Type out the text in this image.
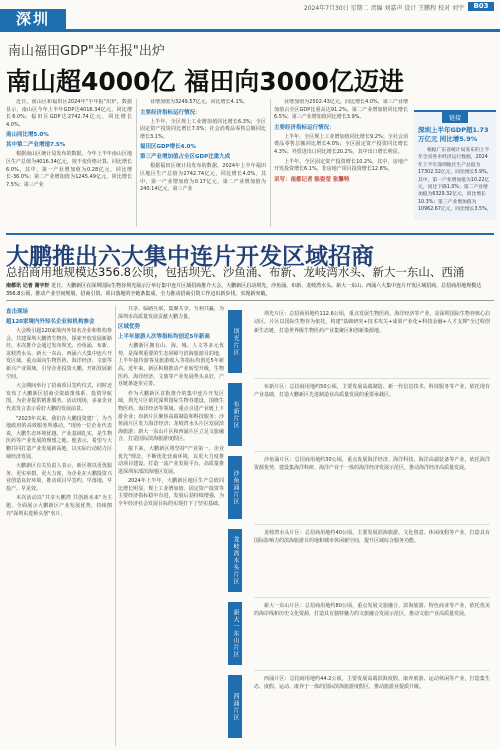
深圳
2024年7月30日 星期二 责编 刘嘉声 设计 王鹏程 校对 刘宇	B03
南山福田GDP"半年报"出炉
南山超4000亿 福田向3000亿迈进
近日，南山区和福田区2024年"半年报"出炉。数据显示，南山区今年上半年GDP达4016.34亿元，同比增长6.0%；福田区GDP达2742.74亿元，同比增长4.0%。
南山同比增5.0%
其中第二产业增速7.5%
根据南山区统计局发布的数据，今年上半年南山区地区生产总值为4016.34亿元，按不变价格计算，同比增长6.0%。其中，第一产业增加值为0.28亿元，同比增长-36.0%；第二产业增加值为1245.49亿元，同比增长7.5%；第三产业
业增加值为3249.57亿元，同比增长4.1%。
主要经济指标运行情况：
上半年，全区规上工业增加值同比增长6.3%；全区固定资产投资同比增长7.0%；社会消费品零售总额同比增长3.1%。
福田区GDP增长4.0%
第三产业增加值占全区GDP比重九成
根据福田区统计局发布的数据，2024年上半年福田区地区生产总值为2742.74亿元，同比增长4.0%。其中，第一产业增加值为0.17亿元，第二产业增加值为240.14亿元，第三产业
业增加值为2502.43亿元，同比增长4.0%，第三产业增加值占全区GDP比重高达91.2%。第二产业增加值同比增长6.5%；第三产业增加值同比增长3.9%。
主要经济指标运行情况：
上半年，全区规上工业增加值同比增长9.2%；全社会消费品零售总额同比增长4.0%；全区固定资产投资同比增长4.3%；外贸进出口同比增长20.2%，其中出口增长明显。
上半年，全区固定资产投资增长10.2%，其中，房地产开发投资增长6.1%，非房地产项目投资增长12.8%。
采写：南都记者 陈姿莹 张馨特
链接
深圳上半年GDP超1.73万亿元 同比增5.9%
根据广东省统计局发布的上半年全省各市经济运行数据，2024年上半年深圳地区生产总值为17302.32亿元，同比增长5.9%。其中，第一产业增加值为10.22亿元，同比下降1.0%；第二产业增加值为6329.32亿元，同比增长10.3%；第三产业增加值为10962.67亿元，同比增长3.5%。
大鹏推出六大集中连片开发区域招商
总招商用地规模达356.8公顷，包括坝光、沙鱼涌、布新、龙岐湾水头、新大一东山、西涌
南都讯 记者 谢宇轩 近日，大鹏新区在深圳国际生物谷坝光展示厅举行集中连片区域招商推介大会，大鹏新区启动坝光、沙鱼涌、布新、龙岐湾水头、新大一东山、西涌六大集中连片开发区域招商，总招商用地规模达356.8公顷，推动产业空间规划、招商引资、项目落地的全链条集成，全力推动招商引资工作迈出新步伐、实现新突破。
直击现场
超120家境内外知名企业和机构参会
大会吸引超120家境内外知名企业和机构参会，共建深圳大鹏湾生物谷，探索开放发展新路径。本次推介会通过发布坝光、沙鱼涌、布新、龙岐湾水头、新大一东山、西涌六大集中连片开发区域，重点面向生物医药、海洋经济、文旅等新兴产业领域，引导企业投资大鹏，开拓发展新空间。
大会期间举行了招商项目签约仪式，同时还发布了大鹏新区招商引资政策体系、投资导航图，为企业提供精准服务。活动现场，多家企业代表发言表示看好大鹏的发展前景。
"2023年以来，我们在大鹏投资建厂，为当地政府的高效服务所感动。"现场一位企业代表说，大鹏生态环境优越、产业基础扎实，是生物医药等产业发展的理想之地。他表示，希望与大鹏共同打造产业发展新高地，以实际行动助力区域经济发展。
大鹏新区有关负责人表示，新区将以更优服务、更实举措、更大力度，为企业在大鹏投资兴业创造良好环境，推动项目早签约、早落地、早投产、早见效。
本次活动以"共享大鹏湾 共创新未来"为主题，全面展示大鹏新区产业发展优势，持续擦亮"深圳东进桥头堡"名片。
共享，临路互联，集聚共享，互利共赢，为深圳市高质量发展贡献大鹏力量。
区域优势
上半年旅游人次等指标均创近5年新高
大鹏新区拥有山、海、城、人文等多元优势，是深圳重要的生态屏障与滨海旅游目的地，上半年接待游客及旅游收入等指标均创近5年新高。近年来，新区积极推动产业转型升级，生物医药、海洋经济、文旅等产业发展势头良好，产业链条逐步完善。
作为大鹏新区首批推介的集中连片开发区域，坝光片区依托深圳国际生物谷建设，围绕生物医药、海洋经济等领域，重点引进产业链上下游企业；布新片区聚焦高端制造和科技服务；沙鱼涌片区发力海洋经济；龙岐湾水头片区发展滨海旅游；新大一东山片区和西涌片区立足文旅融合，打造国际滨海旅游度假区。
接下来，大鹏新区将坚持"产业第一、企业优先"理念，不断优化营商环境，以更大力度推动项目建设，打造一流产业发展平台，高质量推进深圳东部滨海地区发展。
2024年上半年，大鹏新区地区生产总值同比增长明显，规上工业增加值、固定资产投资等主要经济指标稳中有进，发展后劲持续增强，为全年经济社会发展目标的实现打下了坚实基础。
坝光片区
布新片区
沙鱼涌片区
龙岐湾水头片区
新大一东山片区
西涌片区
坝光片区：总招商用地约112.6公顷，重点发展生物医药、海洋经济等产业，是深圳国际生物谷核心启动区。片区以国际生物谷为依托，构建"基础研究+技术攻关+成果产业化+科技金融+人才支撑"全过程创新生态链，打造世界级生物医药产业集聚区和创新策源地。
布新片区：总招商用地约50公顷，主要发展高端制造、新一代信息技术、科技服务等产业，依托现有产业基础，打造大鹏新区先进制造业高质量发展的重要承载区。
沙鱼涌片区：总招商用地约30公顷，重点发展海洋经济、海洋科技、海洋高端装备等产业，依托海洋资源优势，建设集海洋科研、海洋产业于一体的海洋经济发展示范区，推动海洋经济高质量发展。
龙岐湾水头片区：总招商用地约40公顷，主要发展滨海旅游、文化创意、休闲度假等产业，打造具有国际影响力的滨海旅游目的地和城市休闲新空间，提升区域综合服务功能。
新大一东山片区：总招商用地约80公顷，重点发展文旅融合、滨海旅游、特色商业等产业，依托优美的海岸线和历史文化资源，打造具有独特魅力的文旅融合发展示范区，推动文旅产业高质量发展。
西涌片区：总招商用地约44.2公顷，主要发展高端滨海度假、康养旅游、运动休闲等产业，打造集生态、度假、运动、康养于一体的国际滨海旅游度假区，推动旅游业提质升级。
